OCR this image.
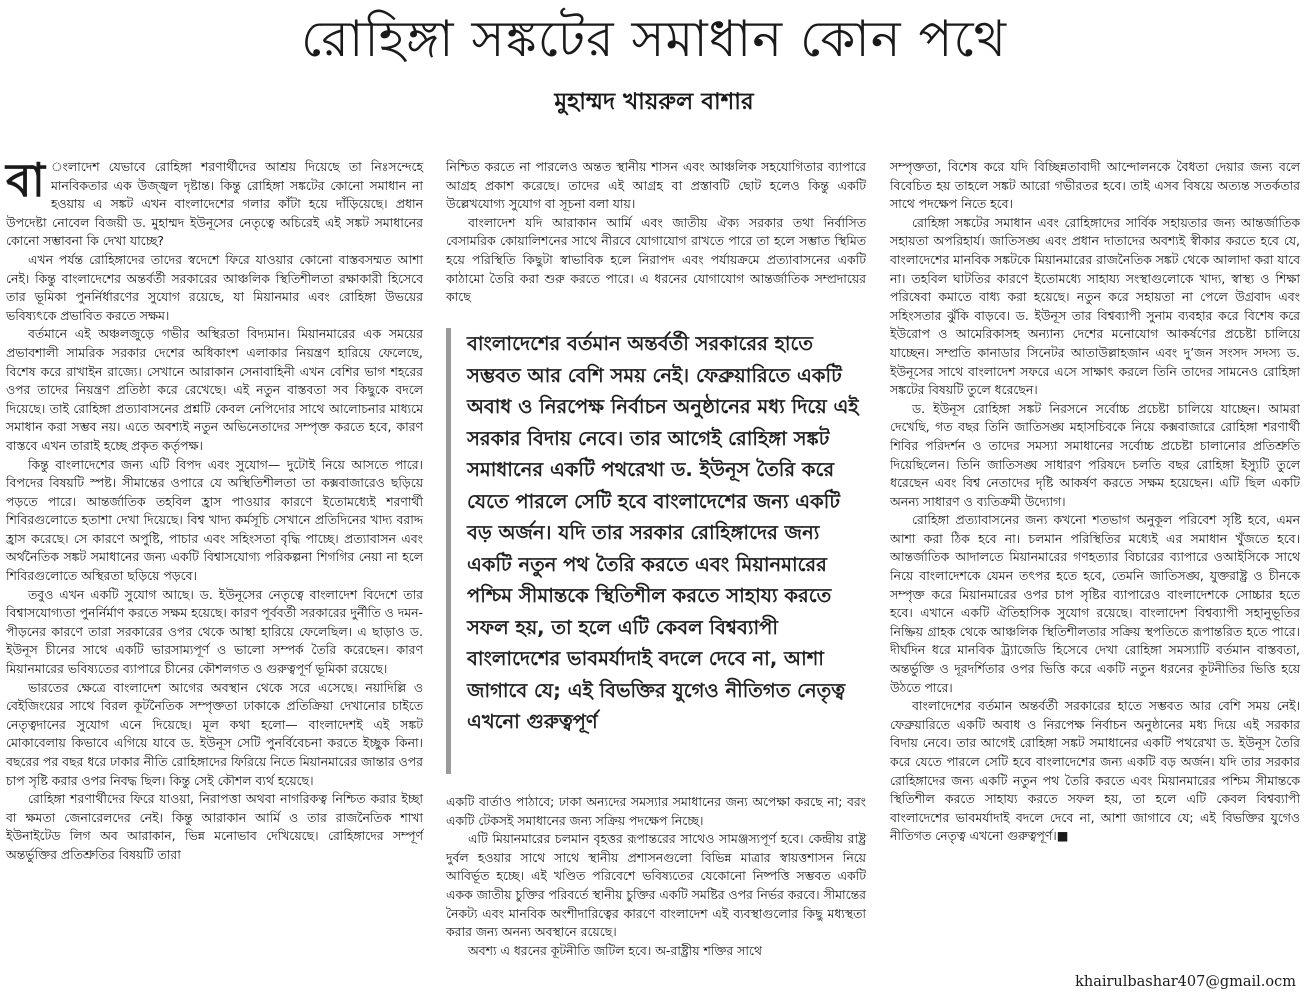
রোহিঙ্গা সঙ্কটের সমাধান কোন পথে
মুহাম্মদ খায়রুল বাশার

বা ংলাদেশ যেভাবে রোহিঙ্গা শরণার্থীদের আশ্রয় দিয়েছে তা নিঃসন্দেহে মানবিকতার এক উজ্জ্বল দৃষ্টান্ত। কিন্তু রোহিঙ্গা সঙ্কটের কোনো সমাধান না হওয়ায় এ সঙ্কট এখন বাংলাদেশের গলার কাঁটা হয়ে দাঁড়িয়েছে। প্রধান উপদেষ্টা নোবেল বিজয়ী ড. মুহাম্মদ ইউনূসের নেতৃত্বে অচিরেই এই সঙ্কট সমাধানের কোনো সম্ভাবনা কি দেখা যাচ্ছে?

এখন পর্যন্ত রোহিঙ্গাদের তাদের স্বদেশে ফিরে যাওয়ার কোনো বাস্তবসম্মত আশা নেই। কিন্তু বাংলাদেশের অন্তর্বর্তী সরকারের আঞ্চলিক স্থিতিশীলতা রক্ষাকারী হিসেবে তার ভূমিকা পুনর্নির্ধারণের সুযোগ রয়েছে, যা মিয়ানমার এবং রোহিঙ্গা উভয়ের ভবিষ্যৎকে প্রভাবিত করতে সক্ষম।

বর্তমানে এই অঞ্চলজুড়ে গভীর অস্থিরতা বিদ্যমান। মিয়ানমারের এক সময়ের প্রভাবশালী সামরিক সরকার দেশের অধিকাংশ এলাকার নিয়ন্ত্রণ হারিয়ে ফেলেছে, বিশেষ করে রাখাইন রাজ্যে। সেখানে আরাকান সেনাবাহিনী এখন বেশির ভাগ শহরের ওপর তাদের নিয়ন্ত্রণ প্রতিষ্ঠা করে রেখেছে। এই নতুন বাস্তবতা সব কিছুকে বদলে দিয়েছে। তাই রোহিঙ্গা প্রত্যাবাসনের প্রশ্নটি কেবল নেপিদোর সাথে আলোচনার মাধ্যমে সমাধান করা সম্ভব নয়। এতে অবশ্যই নতুন অভিনেতাদের সম্পৃক্ত করতে হবে, কারণ বাস্তবে এখন তারাই হচ্ছে প্রকৃত কর্তৃপক্ষ।

কিন্তু বাংলাদেশের জন্য এটি বিপদ এবং সুযোগ— দুটোই নিয়ে আসতে পারে। বিপদের বিষয়টি স্পষ্ট। সীমান্তের ওপারে যে অস্থিতিশীলতা তা কক্সবাজারেও ছড়িয়ে পড়তে পারে। আন্তর্জাতিক তহবিল হ্রাস পাওয়ার কারণে ইতোমধ্যেই শরণার্থী শিবিরগুলোতে হতাশা দেখা দিয়েছে। বিশ্ব খাদ্য কর্মসূচি সেখানে প্রতিদিনের খাদ্য বরাদ্দ হ্রাস করেছে। সে কারণে অপুষ্টি, পাচার এবং সহিংসতা বৃদ্ধি পাচ্ছে। প্রত্যাবাসন এবং অর্থনৈতিক সঙ্কট সমাধানের জন্য একটি বিশ্বাসযোগ্য পরিকল্পনা শিগগির নেয়া না হলে শিবিরগুলোতে অস্থিরতা ছড়িয়ে পড়বে।

তবুও এখন একটি সুযোগ আছে। ড. ইউনূসের নেতৃত্বে বাংলাদেশ বিদেশে তার বিশ্বাসযোগ্যতা পুনর্নির্মাণ করতে সক্ষম হয়েছে। কারণ পূর্ববর্তী সরকারের দুর্নীতি ও দমন-পীড়নের কারণে তারা সরকারের ওপর থেকে আস্থা হারিয়ে ফেলেছিল। এ ছাড়াও ড. ইউনূস চীনের সাথে একটি ভারসাম্যপূর্ণ ও ভালো সম্পর্ক তৈরি করেছেন। কারণ মিয়ানমারের ভবিষ্যতের ব্যাপারে চীনের কৌশলগত ও গুরুত্বপূর্ণ ভূমিকা রয়েছে।

ভারতের ক্ষেত্রে বাংলাদেশ আগের অবস্থান থেকে সরে এসেছে। নয়াদিল্লি ও বেইজিংয়ের সাথে বিরল কূটনৈতিক সম্পৃক্ততা ঢাকাকে প্রতিক্রিয়া দেখানোর চাইতে নেতৃত্বদানের সুযোগ এনে দিয়েছে। মূল কথা হলো— বাংলাদেশই এই সঙ্কট মোকাবেলায় কিভাবে এগিয়ে যাবে ড. ইউনূস সেটি পুনর্বিবেচনা করতে ইচ্ছুক কিনা। বছরের পর বছর ধরে ঢাকার নীতি রোহিঙ্গাদের ফিরিয়ে নিতে মিয়ানমারের জান্তার ওপর চাপ সৃষ্টি করার ওপর নিবদ্ধ ছিল। কিন্তু সেই কৌশল ব্যর্থ হয়েছে।

রোহিঙ্গা শরণার্থীদের ফিরে যাওয়া, নিরাপত্তা অথবা নাগরিকত্ব নিশ্চিত করার ইচ্ছা বা ক্ষমতা জেনারেলদের নেই। কিন্তু আরাকান আর্মি ও তার রাজনৈতিক শাখা ইউনাইটেড লিগ অব আরাকান, ভিন্ন মনোভাব দেখিয়েছে। রোহিঙ্গাদের সম্পূর্ণ অন্তর্ভুক্তির প্রতিশ্রুতির বিষয়টি তারা

নিশ্চিত করতে না পারলেও অন্তত স্থানীয় শাসন এবং আঞ্চলিক সহযোগিতার ব্যাপারে আগ্রহ প্রকাশ করেছে। তাদের এই আগ্রহ বা প্রস্তাবটি ছোট হলেও কিন্তু একটি উল্লেখযোগ্য সুযোগ বা সূচনা বলা যায়।

বাংলাদেশ যদি আরাকান আর্মি এবং জাতীয় ঐক্য সরকার তথা নির্বাসিত বেসামরিক কোয়ালিশনের সাথে নীরবে যোগাযোগ রাখতে পারে তা হলে সম্ভাত স্থিমিত হয়ে পরিস্থিতি কিছুটা স্বাভাবিক হলে নিরাপদ এবং পর্যায়ক্রমে প্রত্যাবাসনের একটি কাঠামো তৈরি করা শুরু করতে পারে। এ ধরনের যোগাযোগ আন্তর্জাতিক সম্প্রদায়ের কাছে

বাংলাদেশের বর্তমান অন্তর্বর্তী সরকারের হাতে সম্ভবত আর বেশি সময় নেই। ফেব্রুয়ারিতে একটি অবাধ ও নিরপেক্ষ নির্বাচন অনুষ্ঠানের মধ্য দিয়ে এই সরকার বিদায় নেবে। তার আগেই রোহিঙ্গা সঙ্কট সমাধানের একটি পথরেখা ড. ইউনূস তৈরি করে যেতে পারলে সেটি হবে বাংলাদেশের জন্য একটি বড় অর্জন। যদি তার সরকার রোহিঙ্গাদের জন্য একটি নতুন পথ তৈরি করতে এবং মিয়ানমারের পশ্চিম সীমান্তকে স্থিতিশীল করতে সাহায্য করতে সফল হয়, তা হলে এটি কেবল বিশ্বব্যাপী বাংলাদেশের ভাবমর্যাদাই বদলে দেবে না, আশা জাগাবে যে; এই বিভক্তির যুগেও নীতিগত নেতৃত্ব এখনো গুরুত্বপূর্ণ

একটি বার্তাও পাঠাবে; ঢাকা অন্যদের সমস্যার সমাধানের জন্য অপেক্ষা করছে না; বরং একটি টেকসই সমাধানের জন্য সক্রিয় পদক্ষেপ নিচ্ছে।

এটি মিয়ানমারের চলমান বৃহত্তর রূপান্তরের সাথেও সামঞ্জস্যপূর্ণ হবে। কেন্দ্রীয় রাষ্ট্র দুর্বল হওয়ার সাথে সাথে স্থানীয় প্রশাসনগুলো বিভিন্ন মাত্রার স্বায়ত্তশাসন নিয়ে আবির্ভূত হচ্ছে। এই খণ্ডিত পরিবেশে ভবিষ্যতের যেকোনো নিষ্পত্তি সম্ভবত একটি একক জাতীয় চুক্তির পরিবর্তে স্থানীয় চুক্তির একটি সমষ্টির ওপর নির্ভর করবে। সীমান্তের নৈকট্য এবং মানবিক অংশীদারিত্বের কারণে বাংলাদেশ এই ব্যবস্থাগুলোর কিছু মধ্যস্থতা করার জন্য অনন্য অবস্থানে রয়েছে।

অবশ্য এ ধরনের কূটনীতি জটিল হবে। অ-রাষ্ট্রীয় শক্তির সাথে

সম্পৃক্ততা, বিশেষ করে যদি বিচ্ছিন্নতাবাদী আন্দোলনকে বৈধতা দেয়ার জন্য বলে বিবেচিত হয় তাহলে সঙ্কট আরো গভীরতর হবে। তাই এসব বিষয়ে অত্যন্ত সতর্কতার সাথে পদক্ষেপ নিতে হবে।

রোহিঙ্গা সঙ্কটের সমাধান এবং রোহিঙ্গাদের সার্বিক সহায়তার জন্য আন্তর্জাতিক সহায়তা অপরিহার্য। জাতিসঙ্ঘ এবং প্রধান দাতাদের অবশ্যই স্বীকার করতে হবে যে, বাংলাদেশের মানবিক সঙ্কটকে মিয়ানমারের রাজনৈতিক সঙ্কট থেকে আলাদা করা যাবে না। তহবিল ঘাটতির কারণে ইতোমধ্যে সাহায্য সংস্থাগুলোকে খাদ্য, স্বাস্থ্য ও শিক্ষা পরিষেবা কমাতে বাধ্য করা হয়েছে। নতুন করে সহায়তা না পেলে উগ্রবাদ এবং সহিংসতার ঝুঁকি বাড়বে। ড. ইউনূস তার বিশ্বব্যাপী সুনাম ব্যবহার করে বিশেষ করে ইউরোপ ও আমেরিকাসহ অন্যান্য দেশের মনোযোগ আকর্ষণের প্রচেষ্টা চালিয়ে যাচ্ছেন। সম্প্রতি কানাডার সিনেটর আতাউল্লাহজান এবং দু’জন সংসদ সদস্য ড. ইউনূসের সাথে বাংলাদেশ সফরে এসে সাক্ষাৎ করলে তিনি তাদের সামনেও রোহিঙ্গা সঙ্কটের বিষয়টি তুলে ধরেছেন।

ড. ইউনূস রোহিঙ্গা সঙ্কট নিরসনে সর্বোচ্চ প্রচেষ্টা চালিয়ে যাচ্ছেন। আমরা দেখেছি, গত বছর তিনি জাতিসঙ্ঘ মহাসচিবকে নিয়ে কক্সবাজারে রোহিঙ্গা শরণার্থী শিবির পরিদর্শন ও তাদের সমস্যা সমাধানের সর্বোচ্চ প্রচেষ্টা চালানোর প্রতিশ্রুতি দিয়েছিলেন। তিনি জাতিসঙ্ঘ সাধারণ পরিষদে চলতি বছর রোহিঙ্গা ইস্যুটি তুলে ধরেছেন এবং বিশ্ব নেতাদের দৃষ্টি আকর্ষণ করতে সক্ষম হয়েছেন। এটি ছিল একটি অনন্য সাধারণ ও ব্যতিক্রমী উদ্যোগ।

রোহিঙ্গা প্রত্যাবাসনের জন্য কখনো শতভাগ অনুকূল পরিবেশ সৃষ্টি হবে, এমন আশা করা ঠিক হবে না। চলমান পরিস্থিতির মধ্যেই এর সমাধান খুঁজতে হবে। আন্তর্জাতিক আদালতে মিয়ানমারের গণহত্যার বিচারের ব্যাপারে ওআইসিকে সাথে নিয়ে বাংলাদেশকে যেমন তৎপর হতে হবে, তেমনি জাতিসঙ্ঘ, যুক্তরাষ্ট্র ও চীনকে সম্পৃক্ত করে মিয়ানমারের ওপর চাপ সৃষ্টির ব্যাপারেও বাংলাদেশকে সোচ্চার হতে হবে। এখানে একটি ঐতিহাসিক সুযোগ রয়েছে। বাংলাদেশ বিশ্বব্যাপী সহানুভূতির নিষ্ক্রিয় গ্রাহক থেকে আঞ্চলিক স্থিতিশীলতার সক্রিয় স্থপতিতে রূপান্তরিত হতে পারে। দীর্ঘদিন ধরে মানবিক ট্র্যাজেডি হিসেবে দেখা রোহিঙ্গা সমস্যাটি বর্তমান বাস্তবতা, অন্তর্ভুক্তি ও দূরদর্শিতার ওপর ভিত্তি করে একটি নতুন ধরনের কূটনীতির ভিত্তি হয়ে উঠতে পারে।

বাংলাদেশের বর্তমান অন্তর্বর্তী সরকারের হাতে সম্ভবত আর বেশি সময় নেই। ফেব্রুয়ারিতে একটি অবাধ ও নিরপেক্ষ নির্বাচন অনুষ্ঠানের মধ্য দিয়ে এই সরকার বিদায় নেবে। তার আগেই রোহিঙ্গা সঙ্কট সমাধানের একটি পথরেখা ড. ইউনূস তৈরি করে যেতে পারলে সেটি হবে বাংলাদেশের জন্য একটি বড় অর্জন। যদি তার সরকার রোহিঙ্গাদের জন্য একটি নতুন পথ তৈরি করতে এবং মিয়ানমারের পশ্চিম সীমান্তকে স্থিতিশীল করতে সাহায্য করতে সফল হয়, তা হলে এটি কেবল বিশ্বব্যাপী বাংলাদেশের ভাবমর্যাদাই বদলে দেবে না, আশা জাগাবে যে; এই বিভক্তির যুগেও নীতিগত নেতৃত্ব এখনো গুরুত্বপূর্ণ।■

khairulbashar407@gmail.ocm
